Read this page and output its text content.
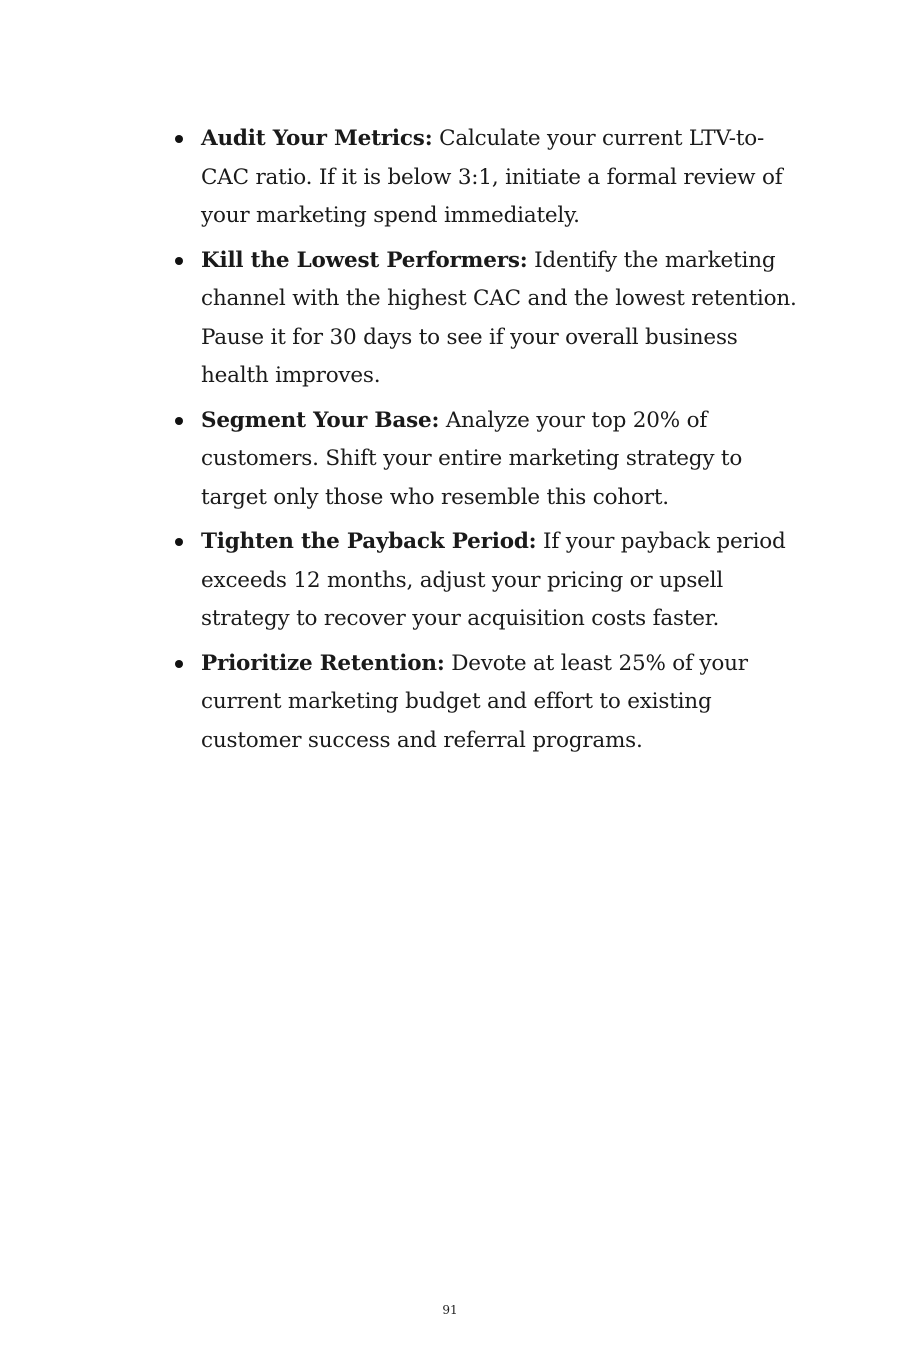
Audit Your Metrics: Calculate your current LTV-to-CAC ratio. If it is below 3:1, initiate a formal review of your marketing spend immediately.
Kill the Lowest Performers: Identify the marketing channel with the highest CAC and the lowest retention. Pause it for 30 days to see if your overall business health improves.
Segment Your Base: Analyze your top 20% of customers. Shift your entire marketing strategy to target only those who resemble this cohort.
Tighten the Payback Period: If your payback period exceeds 12 months, adjust your pricing or upsell strategy to recover your acquisition costs faster.
Prioritize Retention: Devote at least 25% of your current marketing budget and effort to existing customer success and referral programs.
91
